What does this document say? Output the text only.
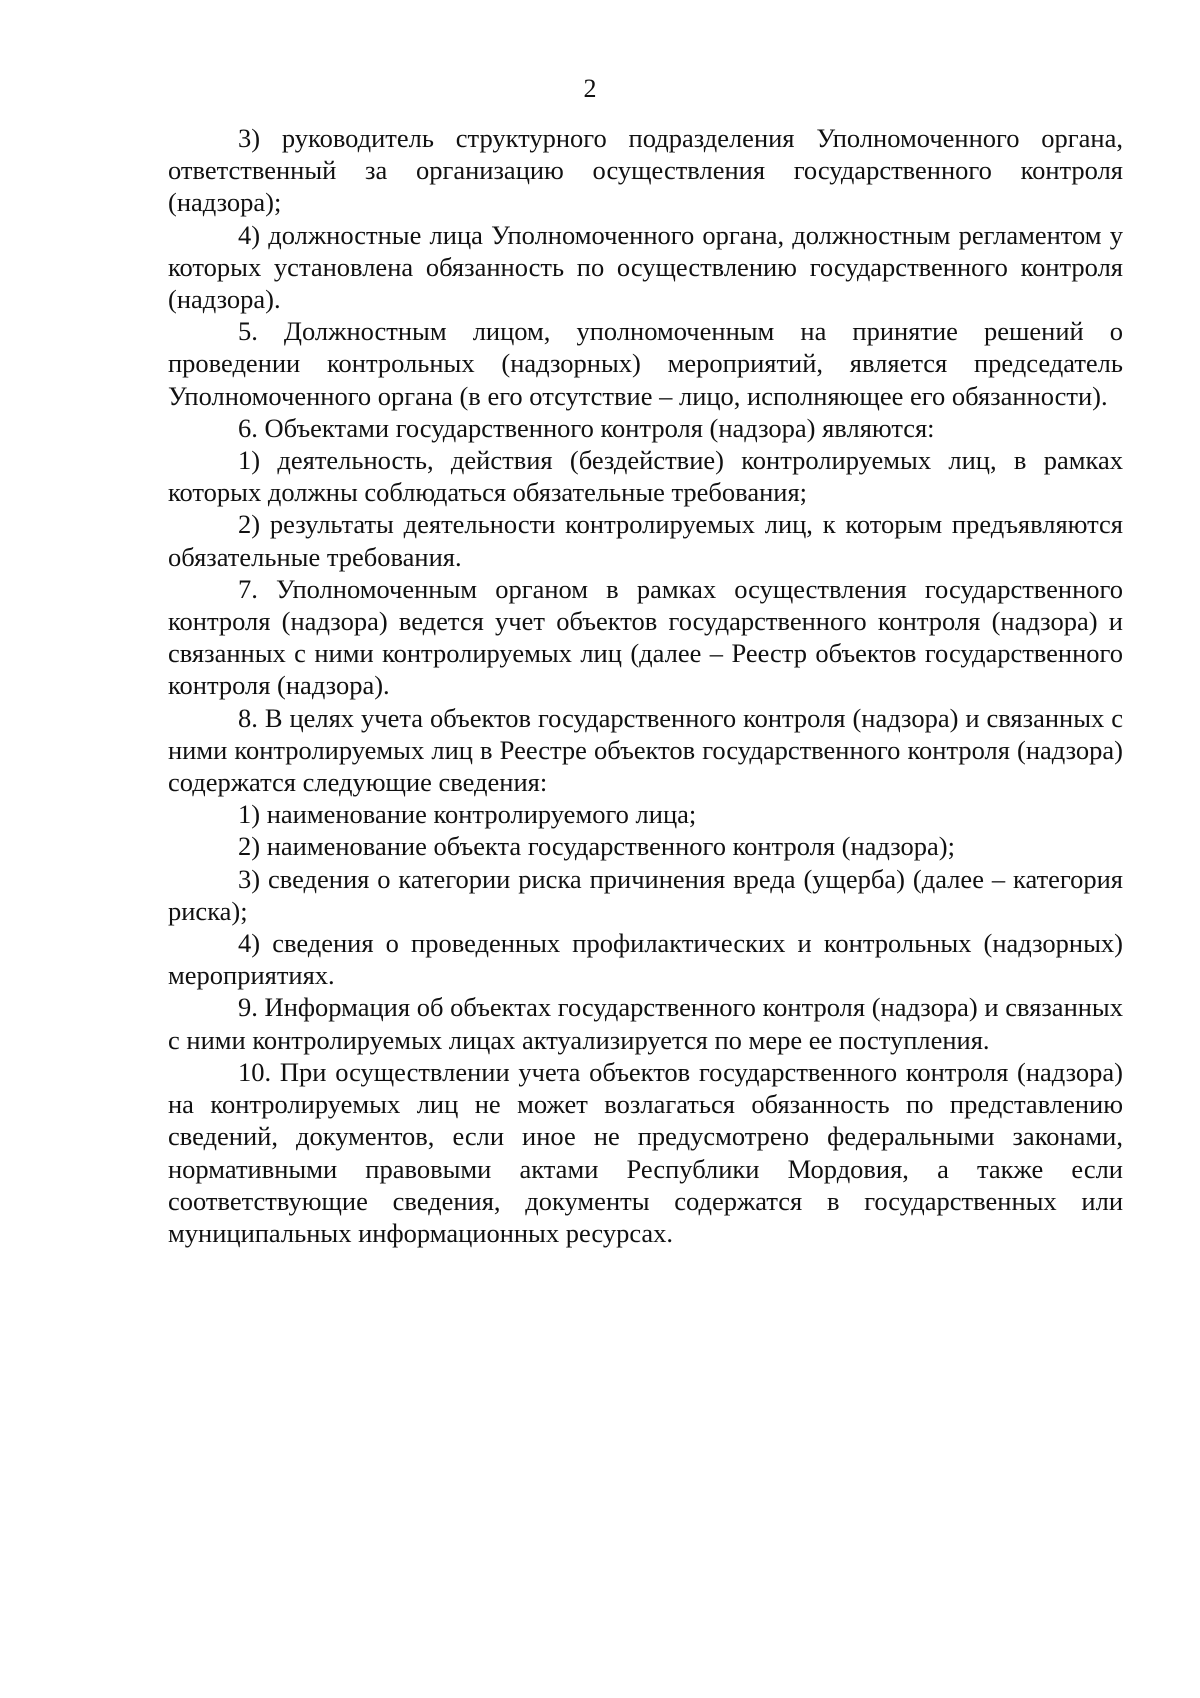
2

3) руководитель структурного подразделения Уполномоченного органа, ответственный за организацию осуществления государственного контроля (надзора);

4) должностные лица Уполномоченного органа, должностным регламентом у которых установлена обязанность по осуществлению государственного контроля (надзора).

5. Должностным лицом, уполномоченным на принятие решений о проведении контрольных (надзорных) мероприятий, является председатель Уполномоченного органа (в его отсутствие – лицо, исполняющее его обязанности).

6. Объектами государственного контроля (надзора) являются:

1) деятельность, действия (бездействие) контролируемых лиц, в рамках которых должны соблюдаться обязательные требования;

2) результаты деятельности контролируемых лиц, к которым предъявляются обязательные требования.

7. Уполномоченным органом в рамках осуществления государственного контроля (надзора) ведется учет объектов государственного контроля (надзора) и связанных с ними контролируемых лиц (далее – Реестр объектов государственного контроля (надзора).

8. В целях учета объектов государственного контроля (надзора) и связанных с ними контролируемых лиц в Реестре объектов государственного контроля (надзора) содержатся следующие сведения:

1) наименование контролируемого лица;

2) наименование объекта государственного контроля (надзора);

3) сведения о категории риска причинения вреда (ущерба) (далее – категория риска);

4) сведения о проведенных профилактических и контрольных (надзорных) мероприятиях.

9. Информация об объектах государственного контроля (надзора) и связанных с ними контролируемых лицах актуализируется по мере ее поступления.

10. При осуществлении учета объектов государственного контроля (надзора) на контролируемых лиц не может возлагаться обязанность по представлению сведений, документов, если иное не предусмотрено федеральными законами, нормативными правовыми актами Республики Мордовия, а также если соответствующие сведения, документы содержатся в государственных или муниципальных информационных ресурсах.
